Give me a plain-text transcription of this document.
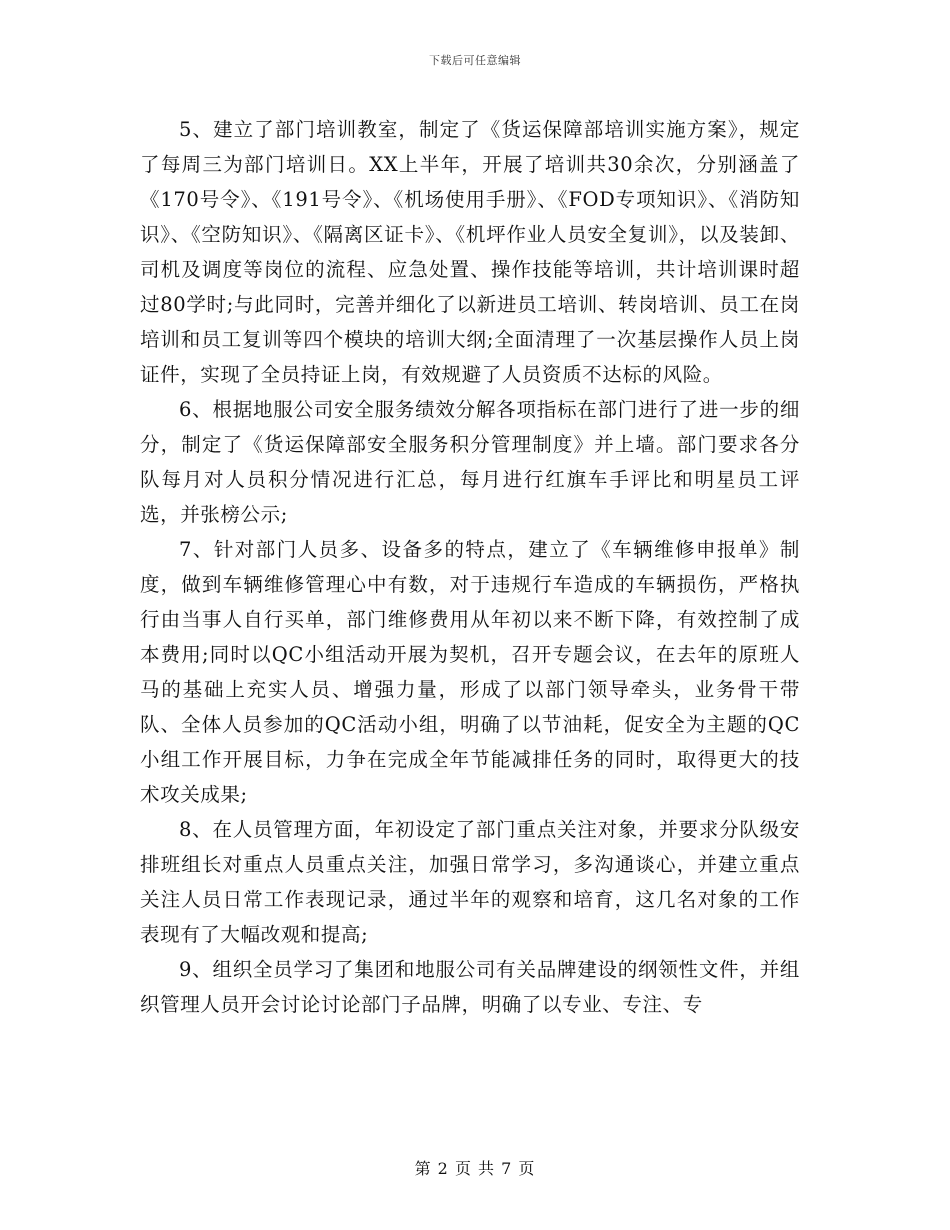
下载后可任意编辑

5、建立了部门培训教室，制定了《货运保障部培训实施方案》，规定了每周三为部门培训日。XX上半年，开展了培训共30余次，分别涵盖了《170号令》、《191号令》、《机场使用手册》、《FOD专项知识》、《消防知识》、《空防知识》、《隔离区证卡》、《机坪作业人员安全复训》，以及装卸、司机及调度等岗位的流程、应急处置、操作技能等培训，共计培训课时超过80学时;与此同时，完善并细化了以新进员工培训、转岗培训、员工在岗培训和员工复训等四个模块的培训大纲;全面清理了一次基层操作人员上岗证件，实现了全员持证上岗，有效规避了人员资质不达标的风险。

6、根据地服公司安全服务绩效分解各项指标在部门进行了进一步的细分，制定了《货运保障部安全服务积分管理制度》并上墙。部门要求各分队每月对人员积分情况进行汇总，每月进行红旗车手评比和明星员工评选，并张榜公示;

7、针对部门人员多、设备多的特点，建立了《车辆维修申报单》制度，做到车辆维修管理心中有数，对于违规行车造成的车辆损伤，严格执行由当事人自行买单，部门维修费用从年初以来不断下降，有效控制了成本费用;同时以QC小组活动开展为契机，召开专题会议，在去年的原班人马的基础上充实人员、增强力量，形成了以部门领导牵头，业务骨干带队、全体人员参加的QC活动小组，明确了以节油耗，促安全为主题的QC小组工作开展目标，力争在完成全年节能减排任务的同时，取得更大的技术攻关成果;

8、在人员管理方面，年初设定了部门重点关注对象，并要求分队级安排班组长对重点人员重点关注，加强日常学习，多沟通谈心，并建立重点关注人员日常工作表现记录，通过半年的观察和培育，这几名对象的工作表现有了大幅改观和提高;

9、组织全员学习了集团和地服公司有关品牌建设的纲领性文件，并组织管理人员开会讨论讨论部门子品牌，明确了以专业、专注、专

第 2 页 共 7 页
